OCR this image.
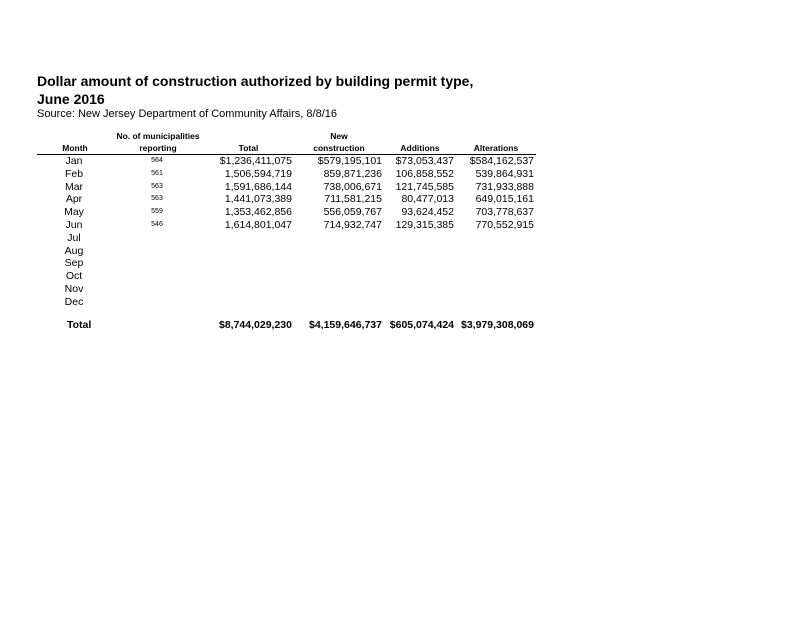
Dollar amount of construction authorized by building permit type,
June 2016
Source: New Jersey Department of Community Affairs, 8/8/16
	No. of municipalities		New		
Month	reporting	Total	construction	Additions	Alterations
Jan	564	$1,236,411,075	$579,195,101	$73,053,437	$584,162,537
Feb	561	1,506,594,719	859,871,236	106,858,552	539,864,931
Mar	563	1,591,686,144	738,006,671	121,745,585	731,933,888
Apr	563	1,441,073,389	711,581,215	80,477,013	649,015,161
May	559	1,353,462,856	556,059,767	93,624,452	703,778,637
Jun	546	1,614,801,047	714,932,747	129,315,385	770,552,915
Jul					
Aug					
Sep					
Oct					
Nov					
Dec					

Total		$8,744,029,230	$4,159,646,737	$605,074,424	$3,979,308,069
